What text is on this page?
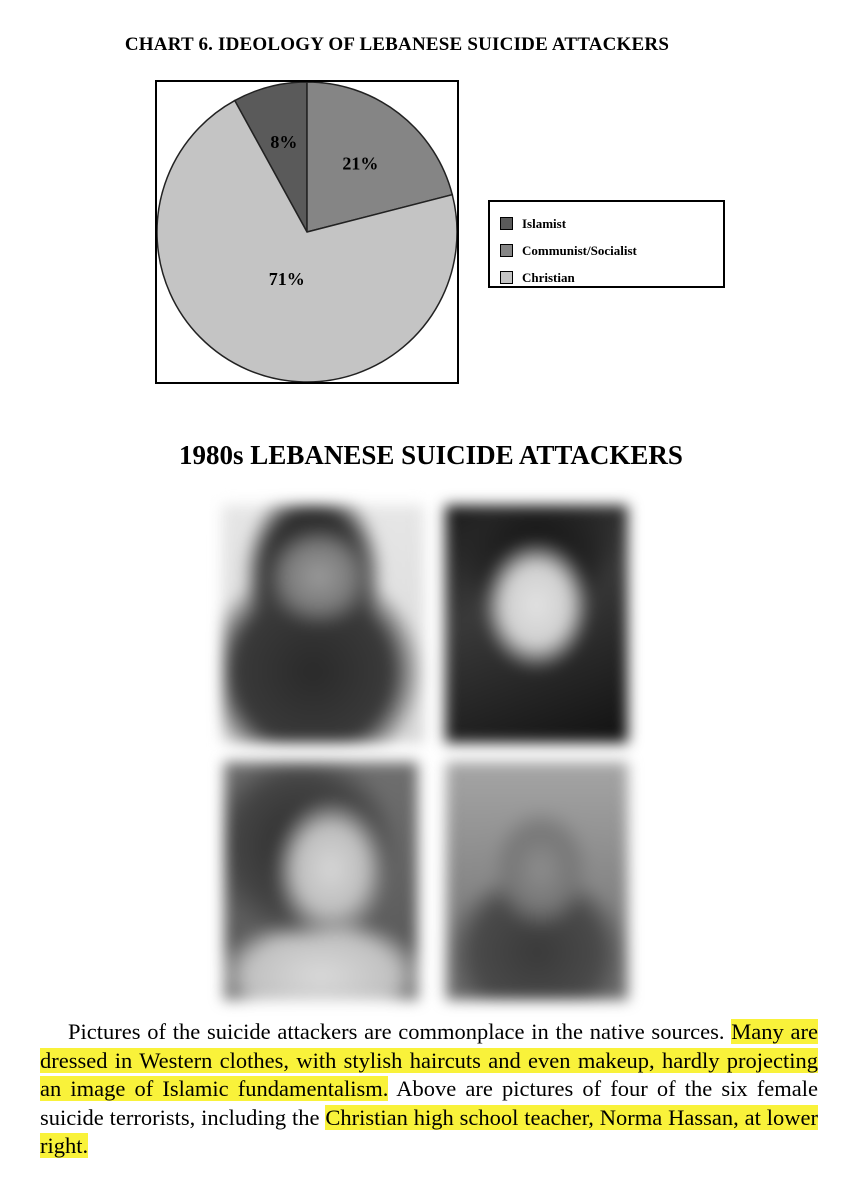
CHART 6. IDEOLOGY OF LEBANESE SUICIDE ATTACKERS
8%
21%
71%
Islamist
Communist/Socialist
Christian
1980s LEBANESE SUICIDE ATTACKERS
Pictures of the suicide attackers are commonplace in the native sources. Many are dressed in Western clothes, with stylish haircuts and even makeup, hardly projecting an image of Islamic fundamentalism. Above are pictures of four of the six female suicide terrorists, including the Christian high school teacher, Norma Hassan, at lower right.
